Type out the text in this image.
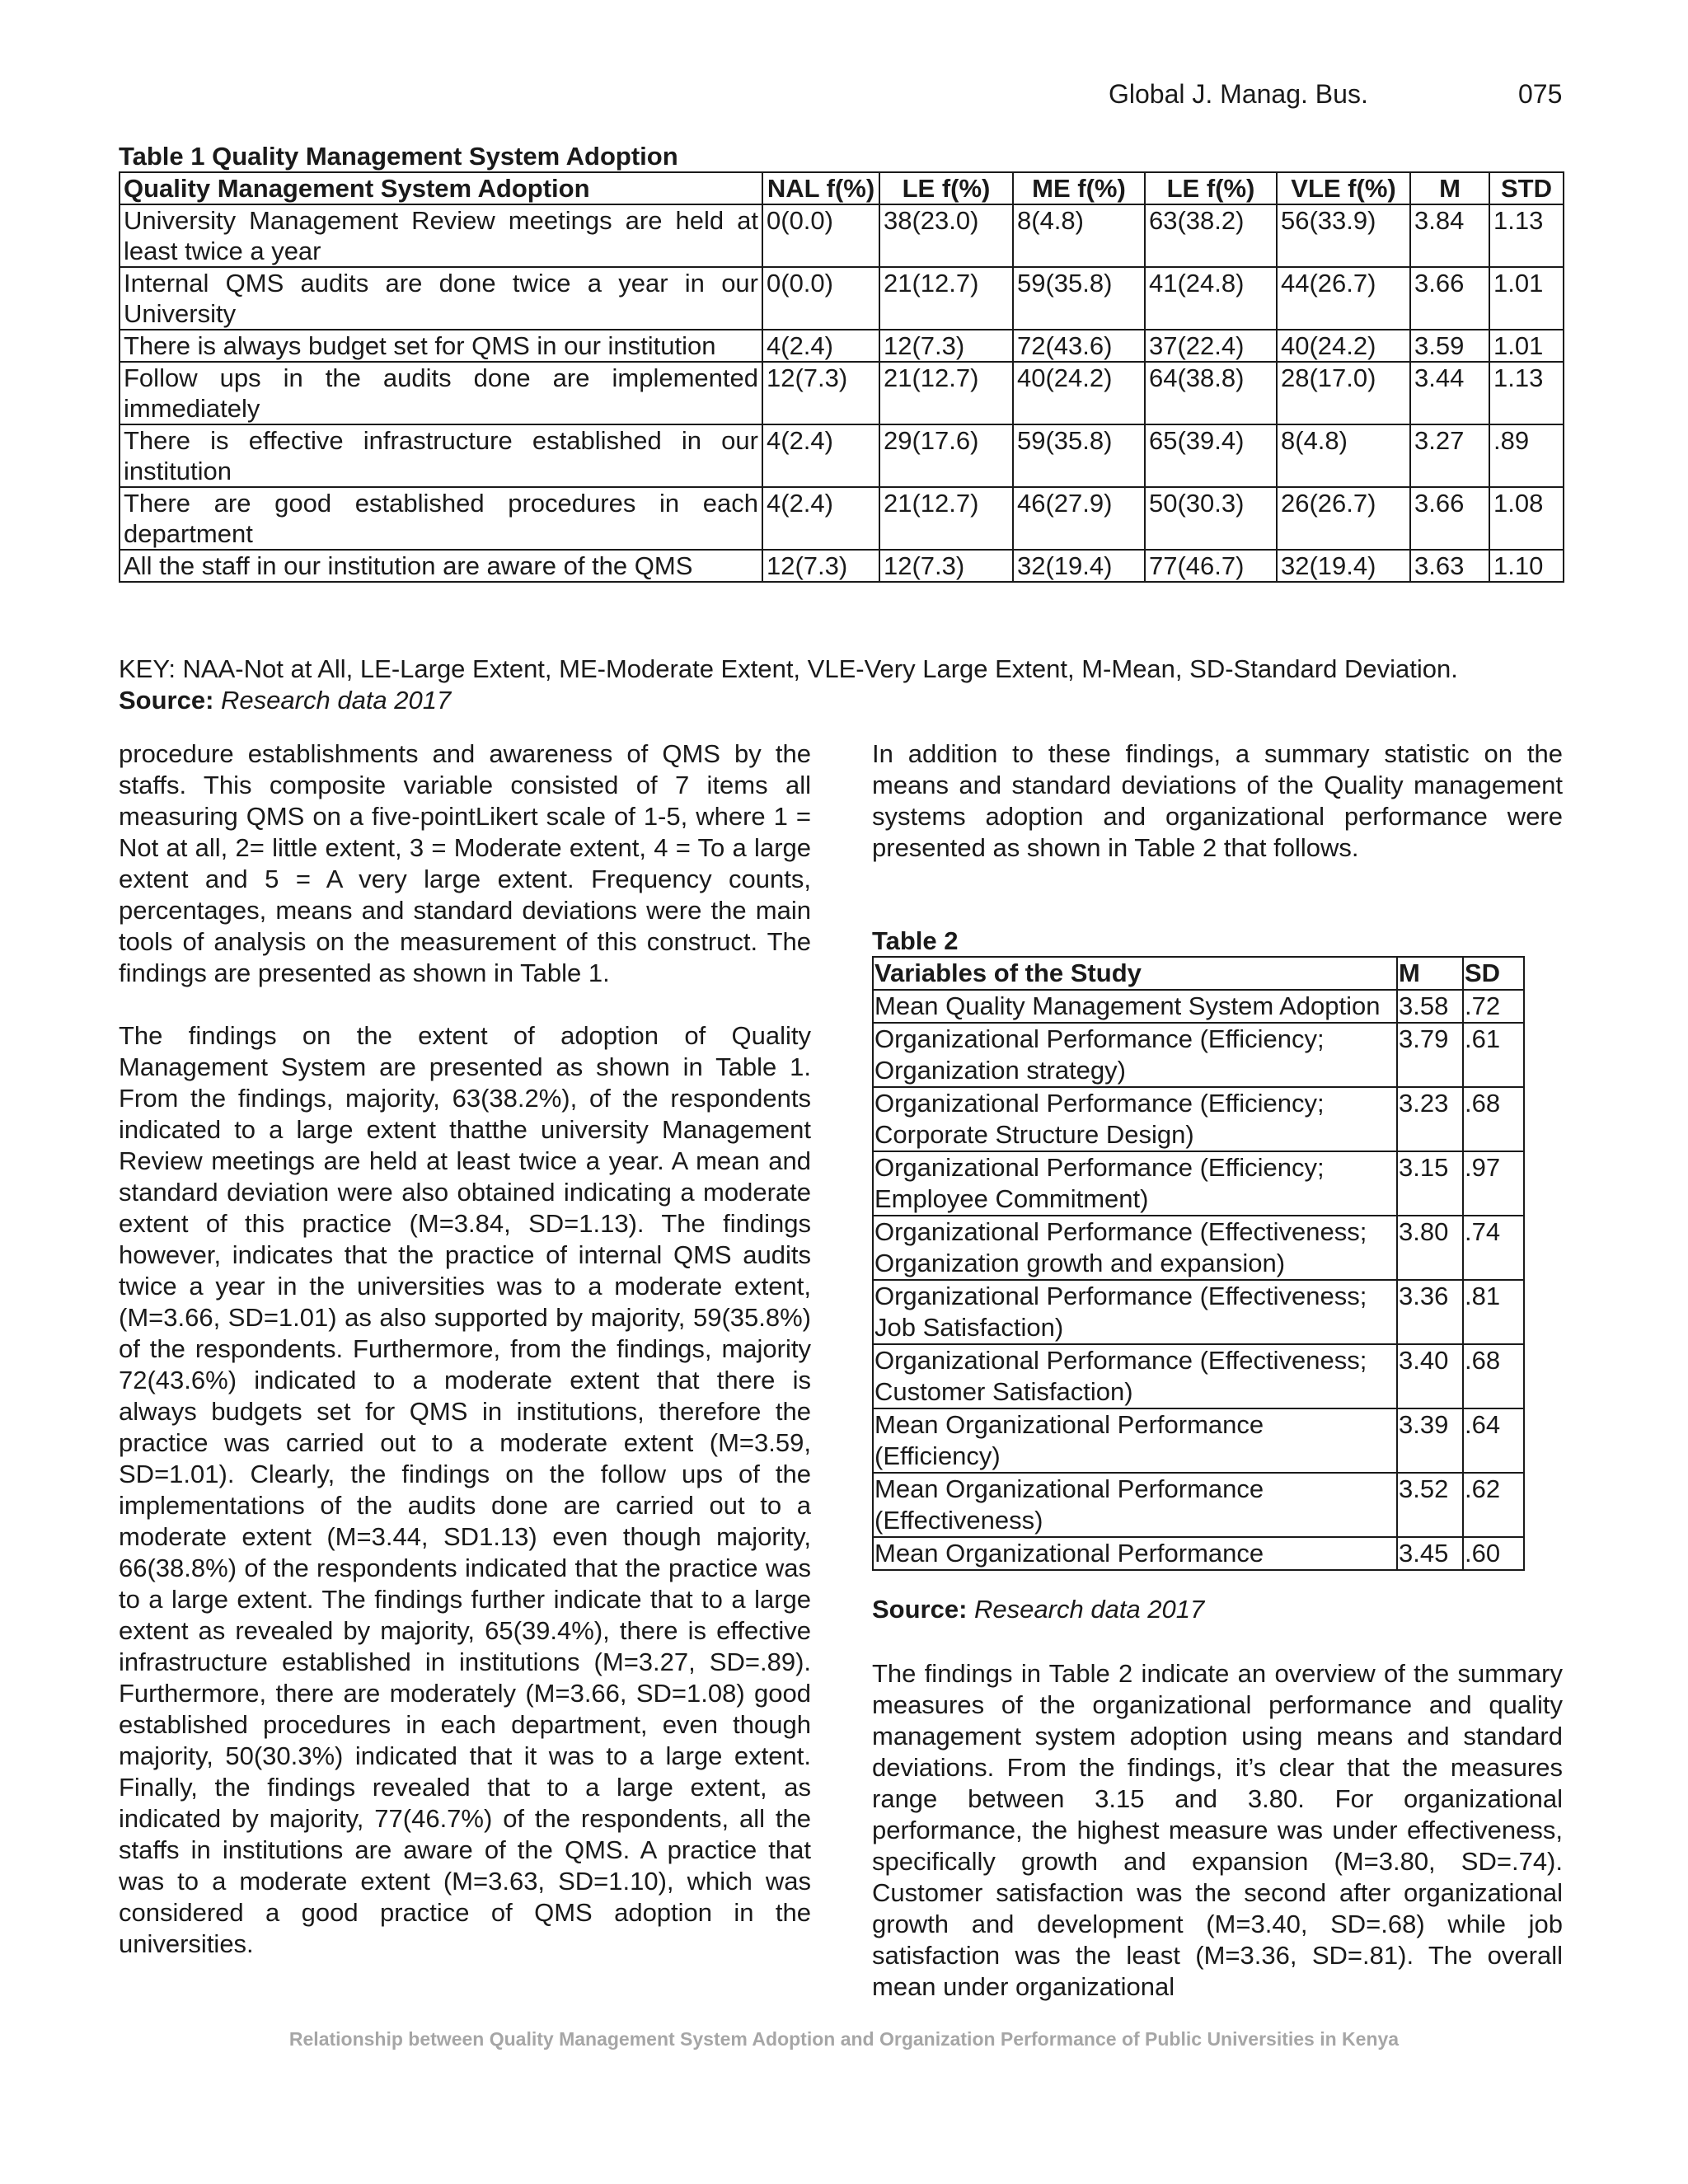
Global J. Manag. Bus.	075
Table 1 Quality Management System Adoption
Quality Management System Adoption	NAL f(%)	LE f(%)	ME f(%)	LE f(%)	VLE f(%)	M	STD
University Management Review meetings are held at least twice a year	0(0.0)	38(23.0)	8(4.8)	63(38.2)	56(33.9)	3.84	1.13
Internal QMS audits are done twice a year in our University	0(0.0)	21(12.7)	59(35.8)	41(24.8)	44(26.7)	3.66	1.01
There is always budget set for QMS in our institution	4(2.4)	12(7.3)	72(43.6)	37(22.4)	40(24.2)	3.59	1.01
Follow ups in the audits done are implemented immediately	12(7.3)	21(12.7)	40(24.2)	64(38.8)	28(17.0)	3.44	1.13
There is effective infrastructure established in our institution	4(2.4)	29(17.6)	59(35.8)	65(39.4)	8(4.8)	3.27	.89
There are good established procedures in each department	4(2.4)	21(12.7)	46(27.9)	50(30.3)	26(26.7)	3.66	1.08
All the staff in our institution are aware of the QMS	12(7.3)	12(7.3)	32(19.4)	77(46.7)	32(19.4)	3.63	1.10
KEY: NAA-Not at All, LE-Large Extent, ME-Moderate Extent, VLE-Very Large Extent, M-Mean, SD-Standard Deviation.
Source: Research data 2017

procedure establishments and awareness of QMS by the staffs. This composite variable consisted of 7 items all measuring QMS on a five-pointLikert scale of 1-5, where 1 = Not at all, 2= little extent, 3 = Moderate extent, 4 = To a large extent and 5 = A very large extent. Frequency counts, percentages, means and standard deviations were the main tools of analysis on the measurement of this construct. The findings are presented as shown in Table 1.

The findings on the extent of adoption of Quality Management System are presented as shown in Table 1. From the findings, majority, 63(38.2%), of the respondents indicated to a large extent thatthe university Management Review meetings are held at least twice a year. A mean and standard deviation were also obtained indicating a moderate extent of this practice (M=3.84, SD=1.13). The findings however, indicates that the practice of internal QMS audits twice a year in the universities was to a moderate extent, (M=3.66, SD=1.01) as also supported by majority, 59(35.8%) of the respondents. Furthermore, from the findings, majority 72(43.6%) indicated to a moderate extent that there is always budgets set for QMS in institutions, therefore the practice was carried out to a moderate extent (M=3.59, SD=1.01). Clearly, the findings on the follow ups of the implementations of the audits done are carried out to a moderate extent (M=3.44, SD1.13) even though majority, 66(38.8%) of the respondents indicated that the practice was to a large extent. The findings further indicate that to a large extent as revealed by majority, 65(39.4%), there is effective infrastructure established in institutions (M=3.27, SD=.89). Furthermore, there are moderately (M=3.66, SD=1.08) good established procedures in each department, even though majority, 50(30.3%) indicated that it was to a large extent. Finally, the findings revealed that to a large extent, as indicated by majority, 77(46.7%) of the respondents, all the staffs in institutions are aware of the QMS. A practice that was to a moderate extent (M=3.63, SD=1.10), which was considered a good practice of QMS adoption in the universities.

In addition to these findings, a summary statistic on the means and standard deviations of the Quality management systems adoption and organizational performance were presented as shown in Table 2 that follows.

Table 2
Variables of the Study	M	SD
Mean Quality Management System Adoption	3.58	.72
Organizational Performance (Efficiency; Organization strategy)	3.79	.61
Organizational Performance (Efficiency; Corporate Structure Design)	3.23	.68
Organizational Performance (Efficiency; Employee Commitment)	3.15	.97
Organizational Performance (Effectiveness; Organization growth and expansion)	3.80	.74
Organizational Performance (Effectiveness; Job Satisfaction)	3.36	.81
Organizational Performance (Effectiveness; Customer Satisfaction)	3.40	.68
Mean Organizational Performance (Efficiency)	3.39	.64
Mean Organizational Performance (Effectiveness)	3.52	.62
Mean Organizational Performance	3.45	.60
Source: Research data 2017

The findings in Table 2 indicate an overview of the summary measures of the organizational performance and quality management system adoption using means and standard deviations. From the findings, it’s clear that the measures range between 3.15 and 3.80. For organizational performance, the highest measure was under effectiveness, specifically growth and expansion (M=3.80, SD=.74). Customer satisfaction was the second after organizational growth and development (M=3.40, SD=.68) while job satisfaction was the least (M=3.36, SD=.81). The overall mean under organizational

Relationship between Quality Management System Adoption and Organization Performance of Public Universities in Kenya
